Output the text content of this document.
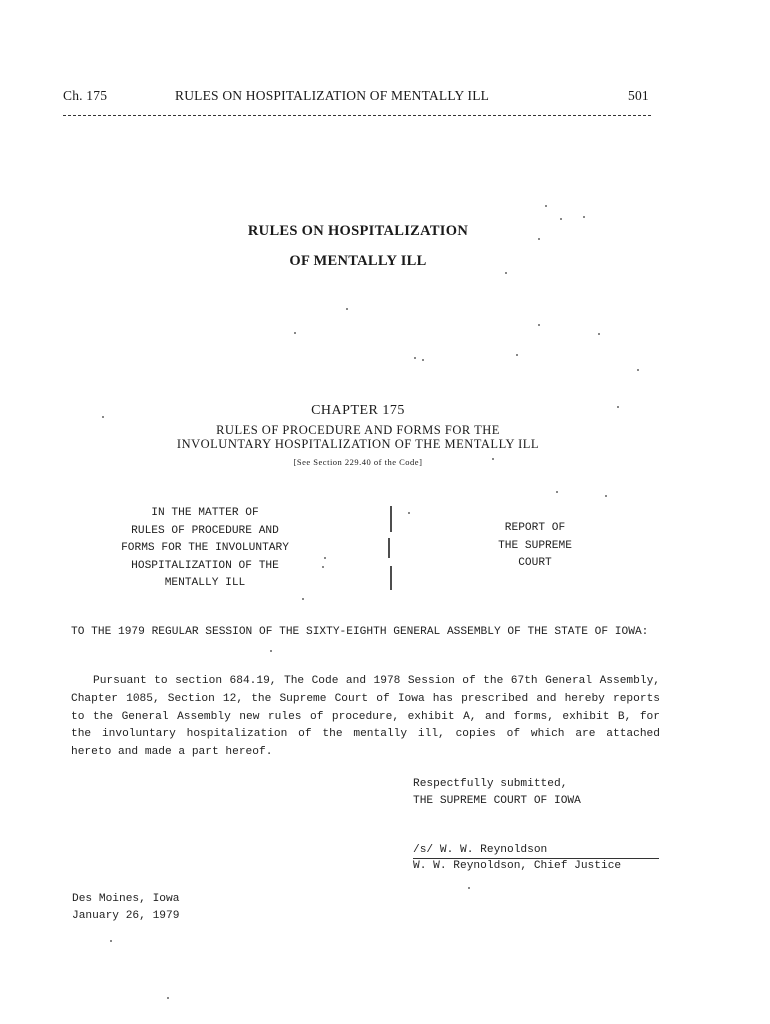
Ch. 175	RULES ON HOSPITALIZATION OF MENTALLY ILL	501
RULES ON HOSPITALIZATION
OF MENTALLY ILL
CHAPTER 175
RULES OF PROCEDURE AND FORMS FOR THE
INVOLUNTARY HOSPITALIZATION OF THE MENTALLY ILL
[See Section 229.40 of the Code]
IN THE MATTER OF
RULES OF PROCEDURE AND
FORMS FOR THE INVOLUNTARY
HOSPITALIZATION OF THE
MENTALLY ILL
REPORT OF
THE SUPREME
COURT
TO THE 1979 REGULAR SESSION OF THE SIXTY-EIGHTH GENERAL ASSEMBLY OF THE STATE OF IOWA:
Pursuant to section 684.19, The Code and 1978 Session of the 67th General Assembly, Chapter 1085, Section 12, the Supreme Court of Iowa has prescribed and hereby reports to the General Assembly new rules of procedure, exhibit A, and forms, exhibit B, for the involuntary hospitalization of the mentally ill, copies of which are attached hereto and made a part hereof.
Respectfully submitted,
THE SUPREME COURT OF IOWA
/s/ W. W. Reynoldson
W. W. Reynoldson, Chief Justice
Des Moines, Iowa
January 26, 1979
